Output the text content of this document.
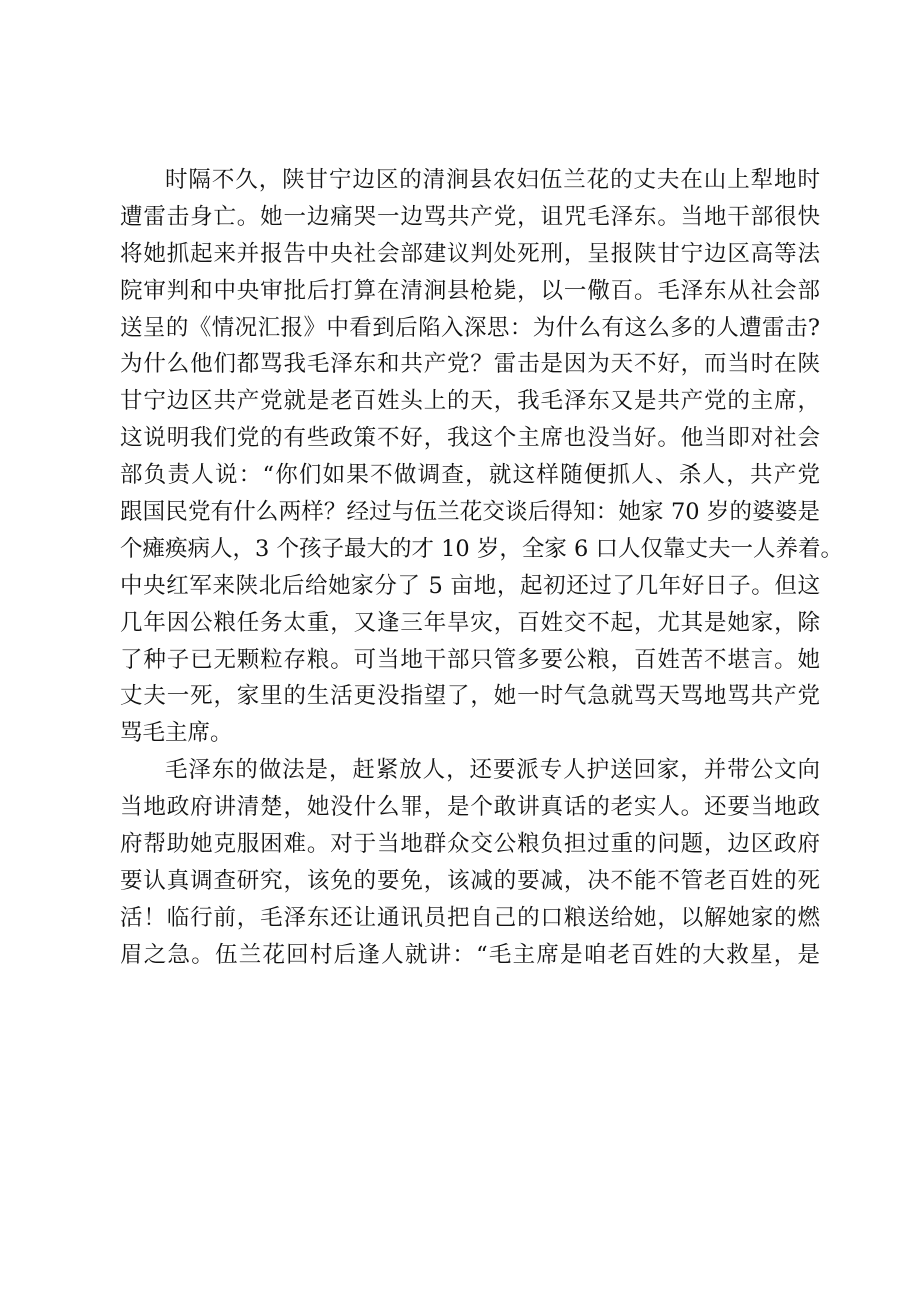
时隔不久，陕甘宁边区的清涧县农妇伍兰花的丈夫在山上犁地时
遭雷击身亡。她一边痛哭一边骂共产党，诅咒毛泽东。当地干部很快
将她抓起来并报告中央社会部建议判处死刑，呈报陕甘宁边区高等法
院审判和中央审批后打算在清涧县枪毙，以一儆百。毛泽东从社会部
送呈的《情况汇报》中看到后陷入深思：为什么有这么多的人遭雷击?
为什么他们都骂我毛泽东和共产党？雷击是因为天不好，而当时在陕
甘宁边区共产党就是老百姓头上的天，我毛泽东又是共产党的主席，
这说明我们党的有些政策不好，我这个主席也没当好。他当即对社会
部负责人说：“你们如果不做调查，就这样随便抓人、杀人，共产党
跟国民党有什么两样？经过与伍兰花交谈后得知：她家 70 岁的婆婆是
个瘫痪病人，3 个孩子最大的才 10 岁，全家 6 口人仅靠丈夫一人养着。
中央红军来陕北后给她家分了 5 亩地，起初还过了几年好日子。但这
几年因公粮任务太重，又逢三年旱灾，百姓交不起，尤其是她家，除
了种子已无颗粒存粮。可当地干部只管多要公粮，百姓苦不堪言。她
丈夫一死，家里的生活更没指望了，她一时气急就骂天骂地骂共产党
骂毛主席。

毛泽东的做法是，赶紧放人，还要派专人护送回家，并带公文向
当地政府讲清楚，她没什么罪，是个敢讲真话的老实人。还要当地政
府帮助她克服困难。对于当地群众交公粮负担过重的问题，边区政府
要认真调查研究，该免的要免，该减的要减，决不能不管老百姓的死
活！临行前，毛泽东还让通讯员把自己的口粮送给她，以解她家的燃
眉之急。伍兰花回村后逢人就讲：“毛主席是咱老百姓的大救星，是
